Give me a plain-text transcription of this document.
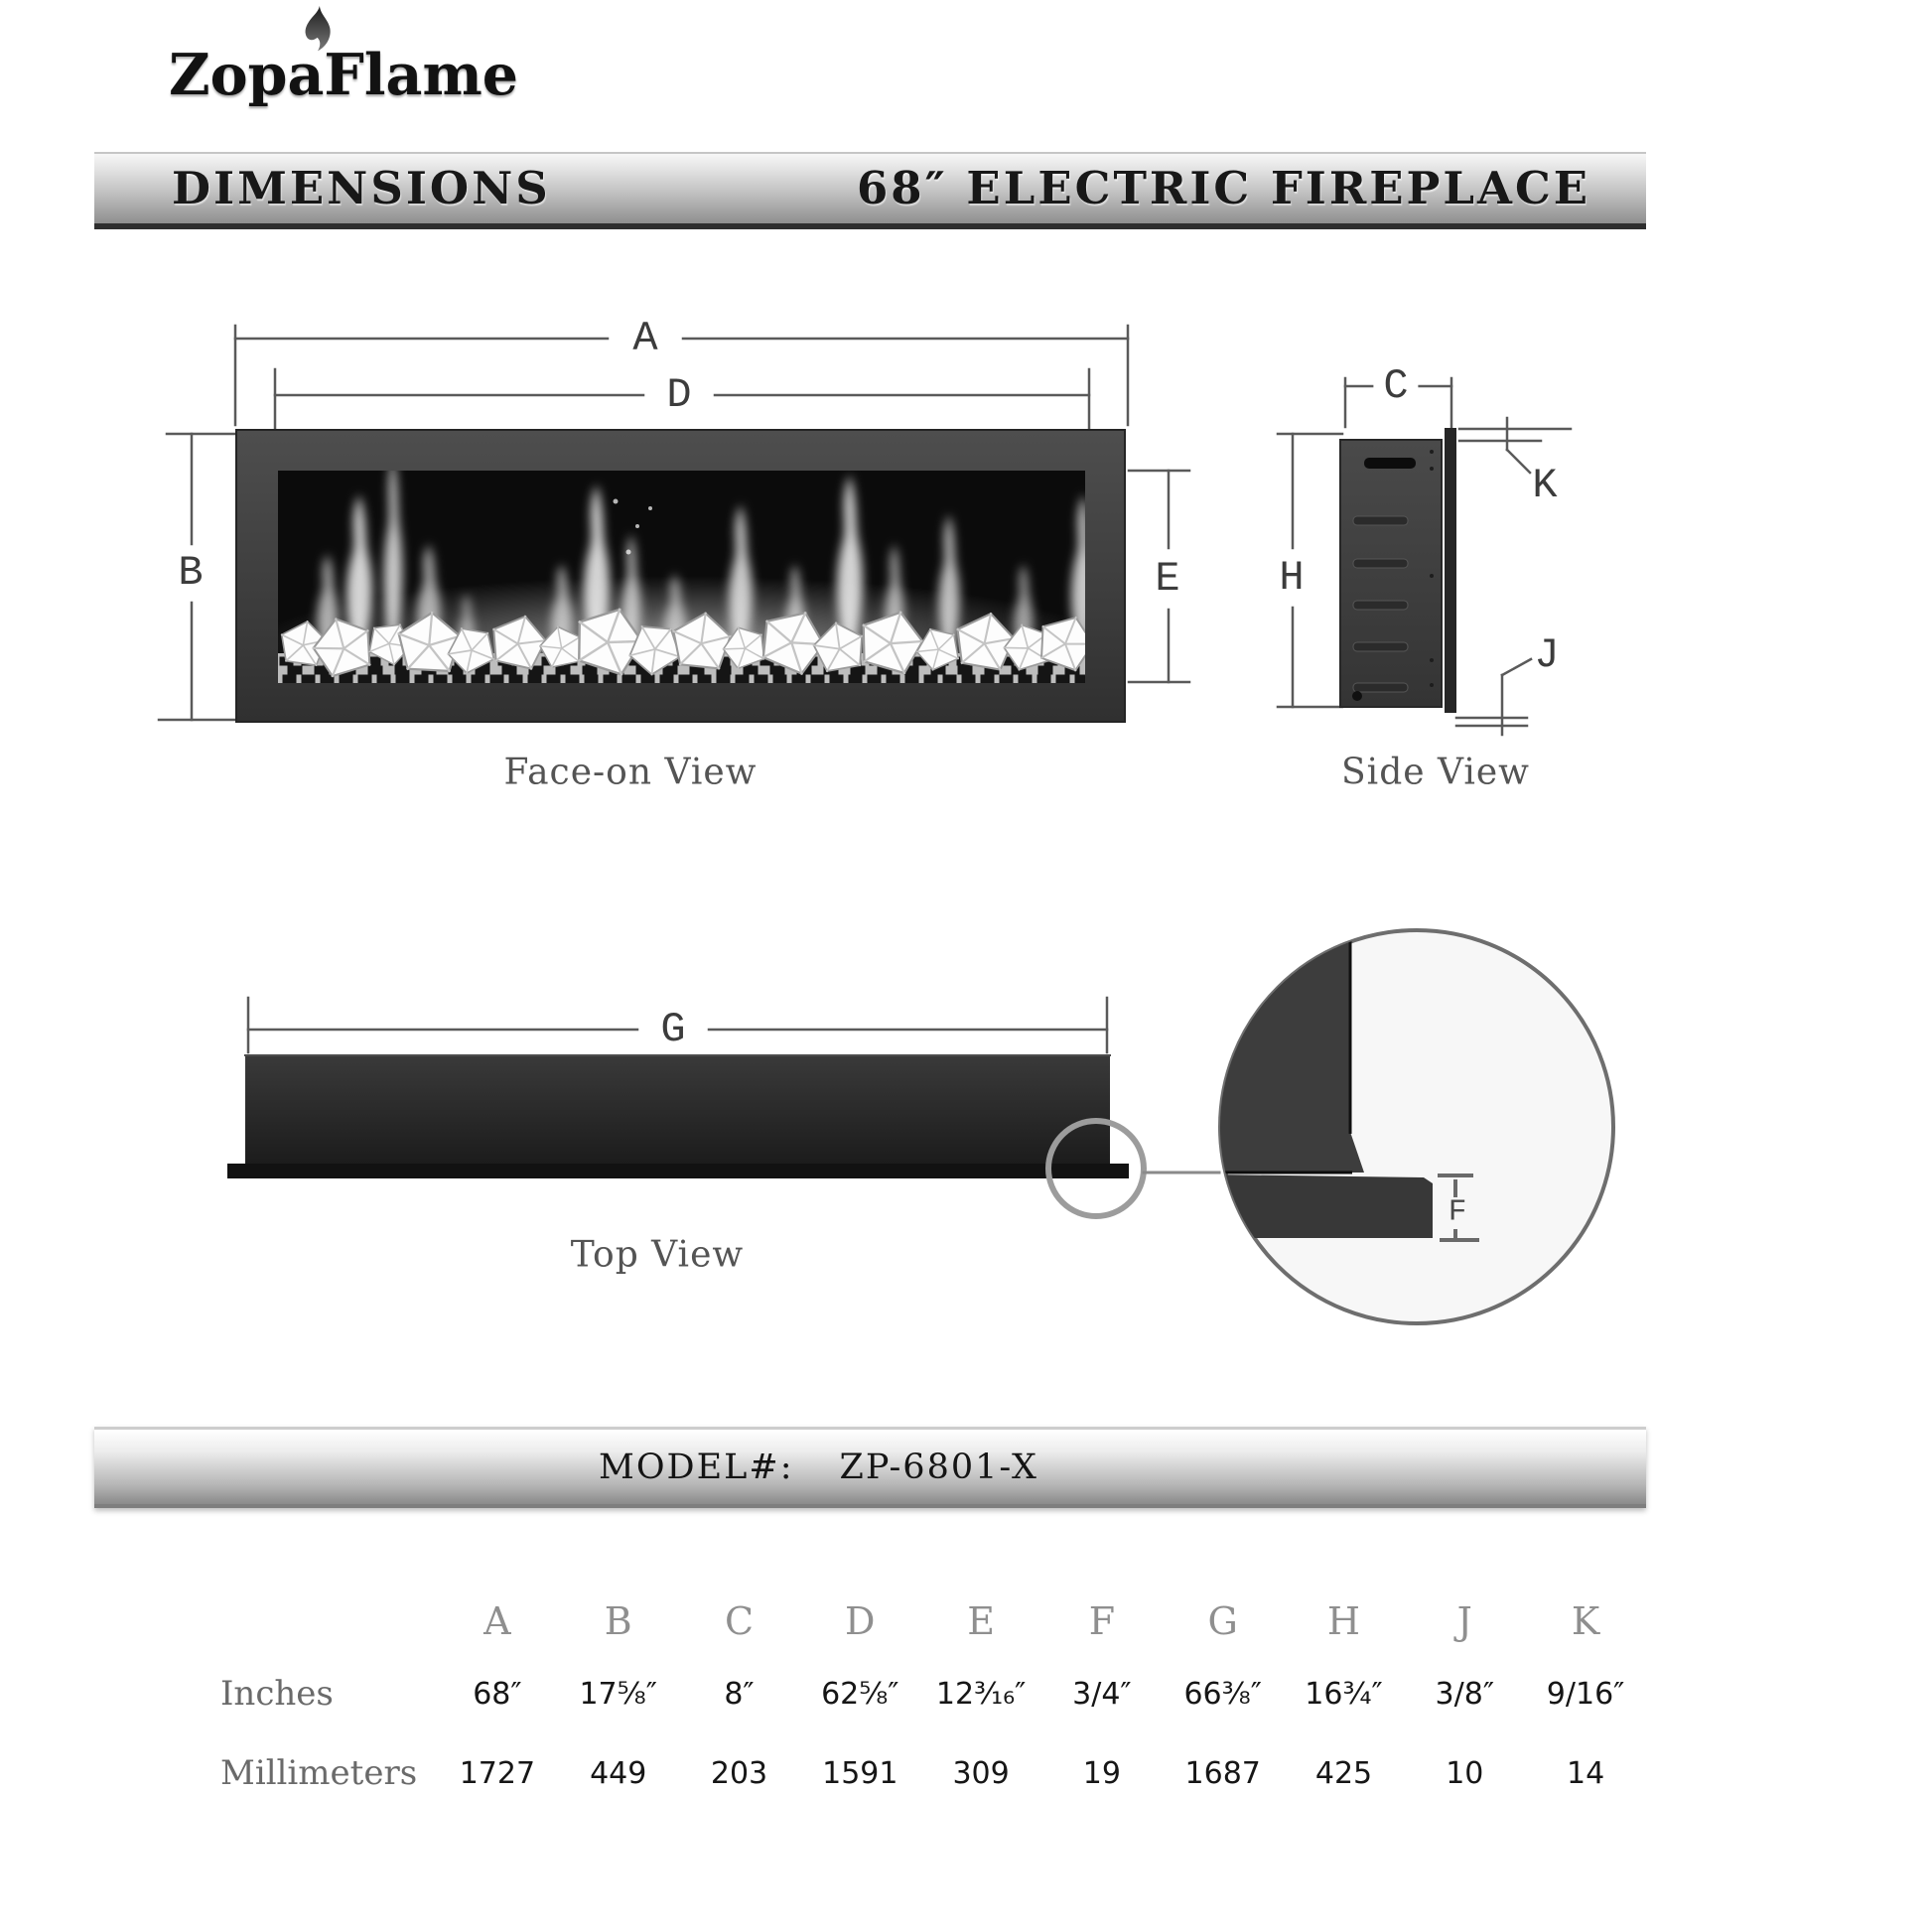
ZopaFlame
DIMENSIONS	68″ ELECTRIC FIREPLACE
A
D
B	E
C
K
H
J
G
F
Face-on View	Side View
Top View
MODEL#: ZP-6801-X
A	B	C	D	E	F	G	H	J	K
Inches	68″	17⁵⁄₈″	8″	62⁵⁄₈″	12³⁄₁₆″	3/4″	66³⁄₈″	16³⁄₄″	3/8″	9/16″
Millimeters	1727	449	203	1591	309	19	1687	425	10	14
